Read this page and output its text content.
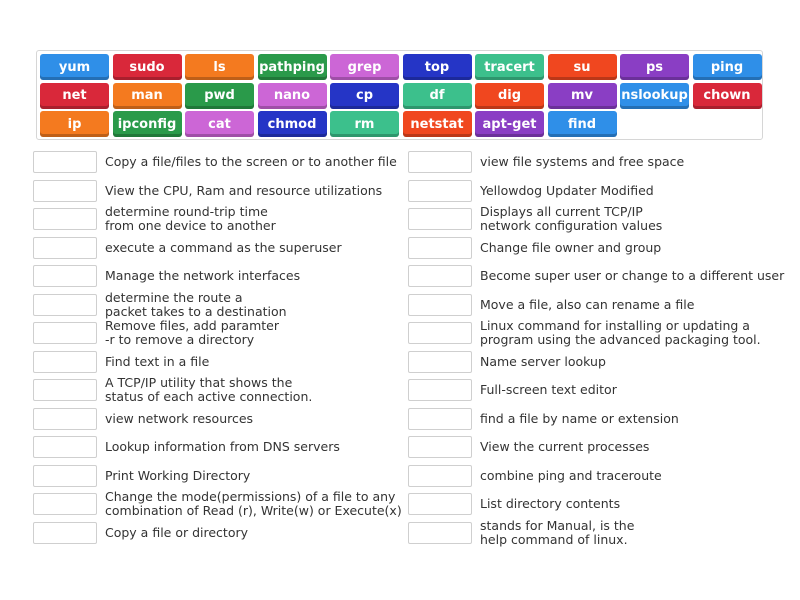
yum	sudo	ls	pathping	grep	top	tracert	su	ps	ping
net	man	pwd	nano	cp	df	dig	mv	nslookup	chown
ip	ipconfig	cat	chmod	rm	netstat	apt-get	find
Copy a file/files to the screen or to another file
View the CPU, Ram and resource utilizations
determine round-trip time
from one device to another
execute a command as the superuser
Manage the network interfaces
determine the route a
packet takes to a destination
Remove files, add paramter
-r to remove a directory
Find text in a file
A TCP/IP utility that shows the
status of each active connection.
view network resources
Lookup information from DNS servers
Print Working Directory
Change the mode(permissions) of a file to any
combination of Read (r), Write(w) or Execute(x)
Copy a file or directory
view file systems and free space
Yellowdog Updater Modified
Displays all current TCP/IP
network configuration values
Change file owner and group
Become super user or change to a different user
Move a file, also can rename a file
Linux command for installing or updating a
program using the advanced packaging tool.
Name server lookup
Full-screen text editor
find a file by name or extension
View the current processes
combine ping and traceroute
List directory contents
stands for Manual, is the
help command of linux.
